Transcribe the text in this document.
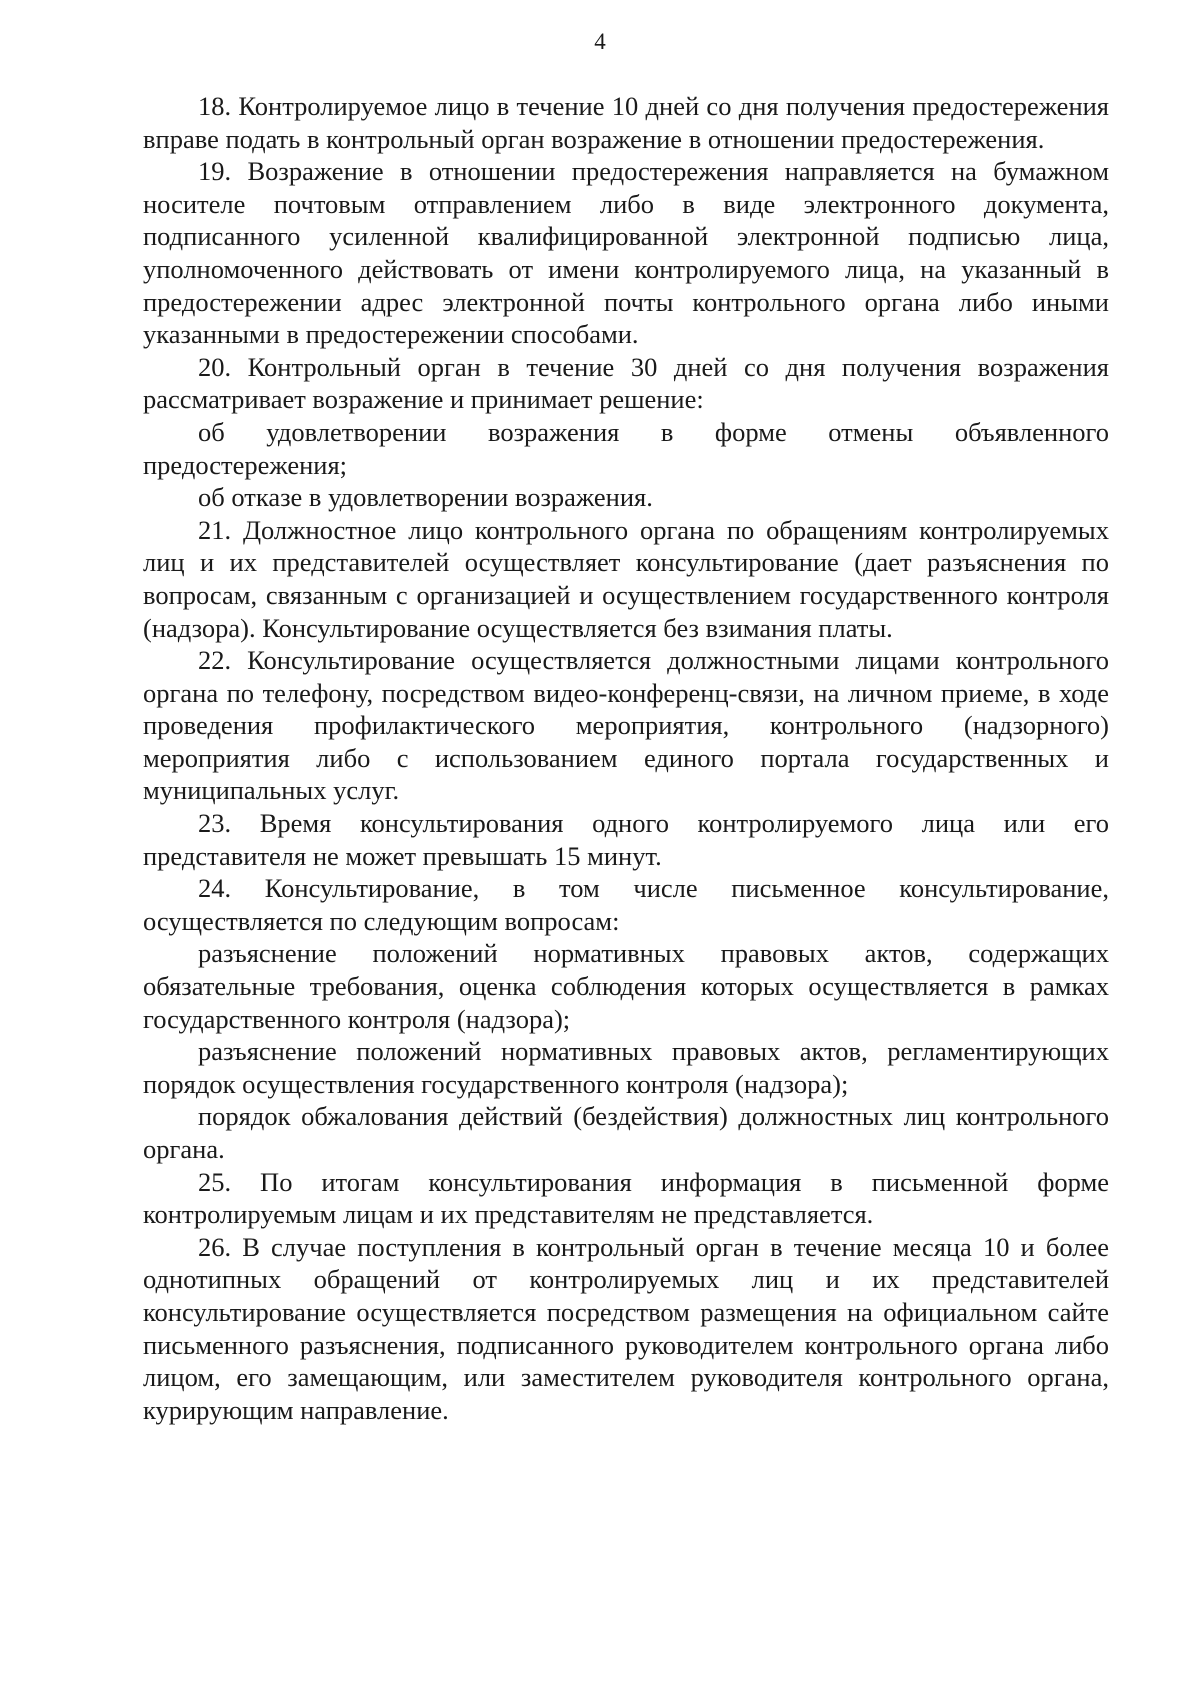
4

18. Контролируемое лицо в течение 10 дней со дня получения предостережения вправе подать в контрольный орган возражение в отношении предостережения.

19. Возражение в отношении предостережения направляется на бумажном носителе почтовым отправлением либо в виде электронного документа, подписанного усиленной квалифицированной электронной подписью лица, уполномоченного действовать от имени контролируемого лица, на указанный в предостережении адрес электронной почты контрольного органа либо иными указанными в предостережении способами.

20. Контрольный орган в течение 30 дней со дня получения возражения рассматривает возражение и принимает решение:

об удовлетворении возражения в форме отмены объявленного предостережения;

об отказе в удовлетворении возражения.

21. Должностное лицо контрольного органа по обращениям контролируемых лиц и их представителей осуществляет консультирование (дает разъяснения по вопросам, связанным с организацией и осуществлением государственного контроля (надзора). Консультирование осуществляется без взимания платы.

22. Консультирование осуществляется должностными лицами контрольного органа по телефону, посредством видео-конференц-связи, на личном приеме, в ходе проведения профилактического мероприятия, контрольного (надзорного) мероприятия либо с использованием единого портала государственных и муниципальных услуг.

23. Время консультирования одного контролируемого лица или его представителя не может превышать 15 минут.

24. Консультирование, в том числе письменное консультирование, осуществляется по следующим вопросам:

разъяснение положений нормативных правовых актов, содержащих обязательные требования, оценка соблюдения которых осуществляется в рамках государственного контроля (надзора);

разъяснение положений нормативных правовых актов, регламентирующих порядок осуществления государственного контроля (надзора);

порядок обжалования действий (бездействия) должностных лиц контрольного органа.

25. По итогам консультирования информация в письменной форме контролируемым лицам и их представителям не представляется.

26. В случае поступления в контрольный орган в течение месяца 10 и более однотипных обращений от контролируемых лиц и их представителей консультирование осуществляется посредством размещения на официальном сайте письменного разъяснения, подписанного руководителем контрольного органа либо лицом, его замещающим, или заместителем руководителя контрольного органа, курирующим направление.
